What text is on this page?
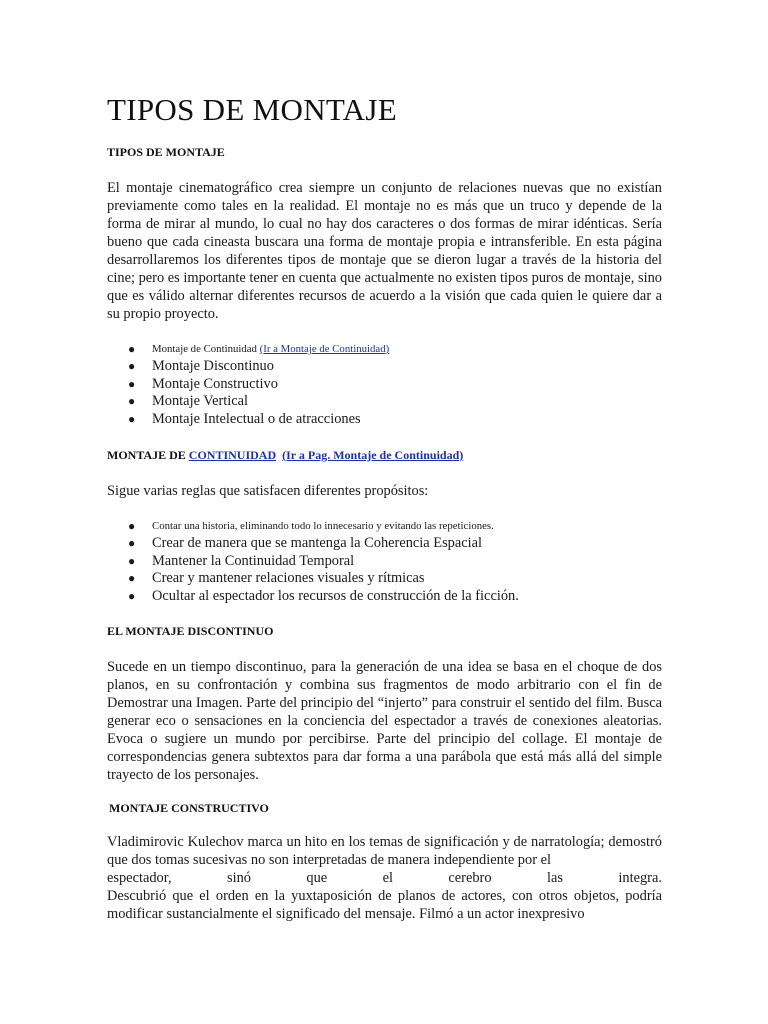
TIPOS DE MONTAJE
TIPOS DE MONTAJE

El montaje cinematográfico crea siempre un conjunto de relaciones nuevas que no existían previamente como tales en la realidad. El montaje no es más que un truco y depende de la forma de mirar al mundo, lo cual no hay dos caracteres o dos formas de mirar idénticas. Sería bueno que cada cineasta buscara una forma de montaje propia e intransferible. En esta página desarrollaremos los diferentes tipos de montaje que se dieron lugar a través de la historia del cine; pero es importante tener en cuenta que actualmente no existen tipos puros de montaje, sino que es válido alternar diferentes recursos de acuerdo a la visión que cada quien le quiere dar a su propio proyecto.

● Montaje de Continuidad (Ir a Montaje de Continuidad)
● Montaje Discontinuo
● Montaje Constructivo
● Montaje Vertical
● Montaje Intelectual o de atracciones
MONTAJE DE CONTINUIDAD (Ir a Pag. Montaje de Continuidad)

Sigue varias reglas que satisfacen diferentes propósitos:

● Contar una historia, eliminando todo lo innecesario y evitando las repeticiones.
● Crear de manera que se mantenga la Coherencia Espacial
● Mantener la Continuidad Temporal
● Crear y mantener relaciones visuales y rítmicas
● Ocultar al espectador los recursos de construcción de la ficción.
EL MONTAJE DISCONTINUO

Sucede en un tiempo discontinuo, para la generación de una idea se basa en el choque de dos planos, en su confrontación y combina sus fragmentos de modo arbitrario con el fin de Demostrar una Imagen. Parte del principio del “injerto” para construir el sentido del film. Busca generar eco o sensaciones en la conciencia del espectador a través de conexiones aleatorias. Evoca o sugiere un mundo por percibirse. Parte del principio del collage. El montaje de correspondencias genera subtextos para dar forma a una parábola que está más allá del simple trayecto de los personajes.

MONTAJE CONSTRUCTIVO

Vladimirovic Kulechov marca un hito en los temas de significación y de narratología; demostró que dos tomas sucesivas no son interpretadas de manera independiente por el

espectador,	sinó	que	el	cerebro	las	integra.

Descubrió que el orden en la yuxtaposición de planos de actores, con otros objetos, podría modificar sustancialmente el significado del mensaje. Filmó a un actor inexpresivo
